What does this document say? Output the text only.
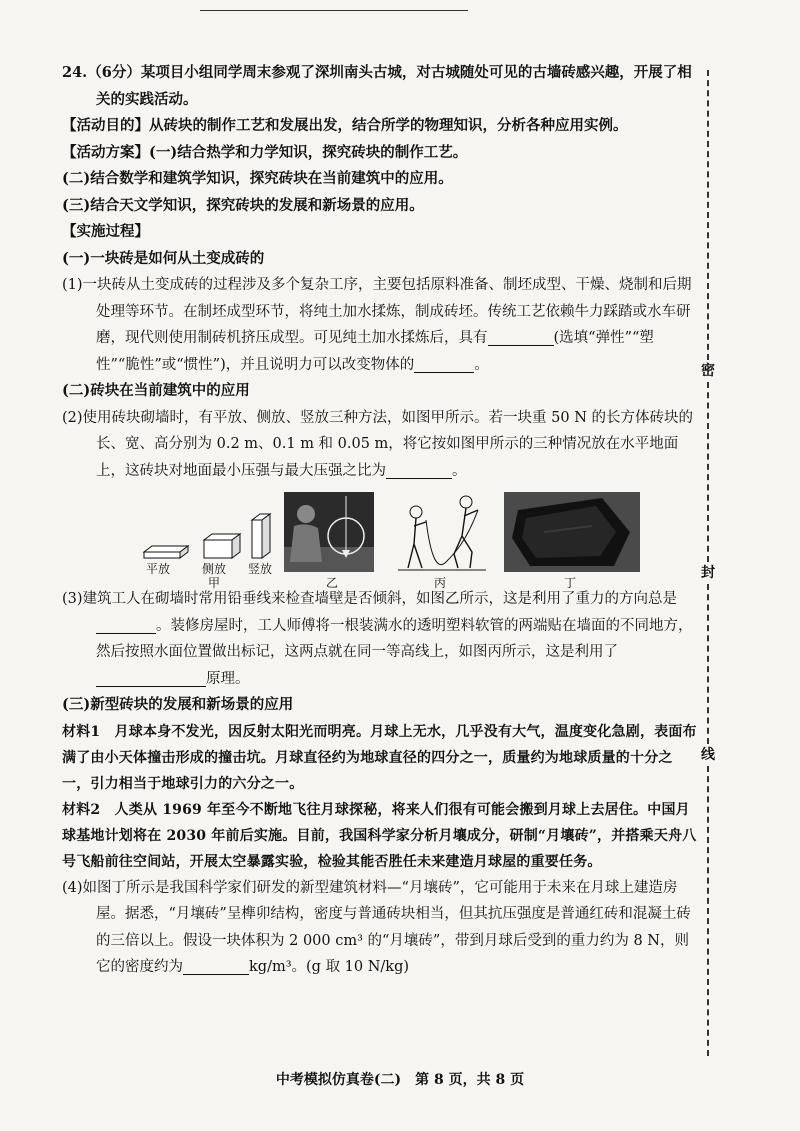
24.（6分）某项目小组同学周末参观了深圳南头古城，对古城随处可见的古墙砖感兴趣，开展了相关的实践活动。

【活动目的】从砖块的制作工艺和发展出发，结合所学的物理知识，分析各种应用实例。

【活动方案】(一)结合热学和力学知识，探究砖块的制作工艺。

(二)结合数学和建筑学知识，探究砖块在当前建筑中的应用。

(三)结合天文学知识，探究砖块的发展和新场景的应用。

【实施过程】

(一)一块砖是如何从土变成砖的

(1)一块砖从土变成砖的过程涉及多个复杂工序，主要包括原料准备、制坯成型、干燥、烧制和后期处理等环节。在制坯成型环节，将纯土加水揉炼，制成砖坯。传统工艺依赖牛力踩踏或水车研磨，现代则使用制砖机挤压成型。可见纯土加水揉炼后，具有	(选填“弹性”“塑性”“脆性”或“惯性”)，并且说明力可以改变物体的	。

(二)砖块在当前建筑中的应用

(2)使用砖块砌墙时，有平放、侧放、竖放三种方法，如图甲所示。若一块重 50 N 的长方体砖块的长、宽、高分别为 0.2 m、0.1 m 和 0.05 m，将它按如图甲所示的三种情况放在水平地面上，这砖块对地面最小压强与最大压强之比为	。

平放	侧放 竖放
甲	乙	丙	丁

(3)建筑工人在砌墙时常用铅垂线来检查墙壁是否倾斜，如图乙所示，这是利用了重力的方向总是。装修房屋时，工人师傅将一根装满水的透明塑料软管的两端贴在墙面的不同地方，然后按照水面位置做出标记，这两点就在同一等高线上，如图丙所示，这是利用了原理。

(三)新型砖块的发展和新场景的应用

材料1　月球本身不发光，因反射太阳光而明亮。月球上无水，几乎没有大气，温度变化急剧，表面布满了由小天体撞击形成的撞击坑。月球直径约为地球直径的四分之一，质量约为地球质量的十分之一，引力相当于地球引力的六分之一。

材料2　人类从 1969 年至今不断地飞往月球探秘，将来人们很有可能会搬到月球上去居住。中国月球基地计划将在 2030 年前后实施。目前，我国科学家分析月壤成分，研制“月壤砖”，并搭乘天舟八号飞船前往空间站，开展太空暴露实验，检验其能否胜任未来建造月球屋的重要任务。

(4)如图丁所示是我国科学家们研发的新型建筑材料—“月壤砖”，它可能用于未来在月球上建造房屋。据悉，“月壤砖”呈榫卯结构，密度与普通砖块相当，但其抗压强度是普通红砖和混凝土砖的三倍以上。假设一块体积为 2 000 cm³ 的“月壤砖”，带到月球后受到的重力约为 8 N，则它的密度约为	kg/m³。(g 取 10 N/kg)

密
封
线
中考模拟仿真卷(二)　第 8 页，共 8 页
